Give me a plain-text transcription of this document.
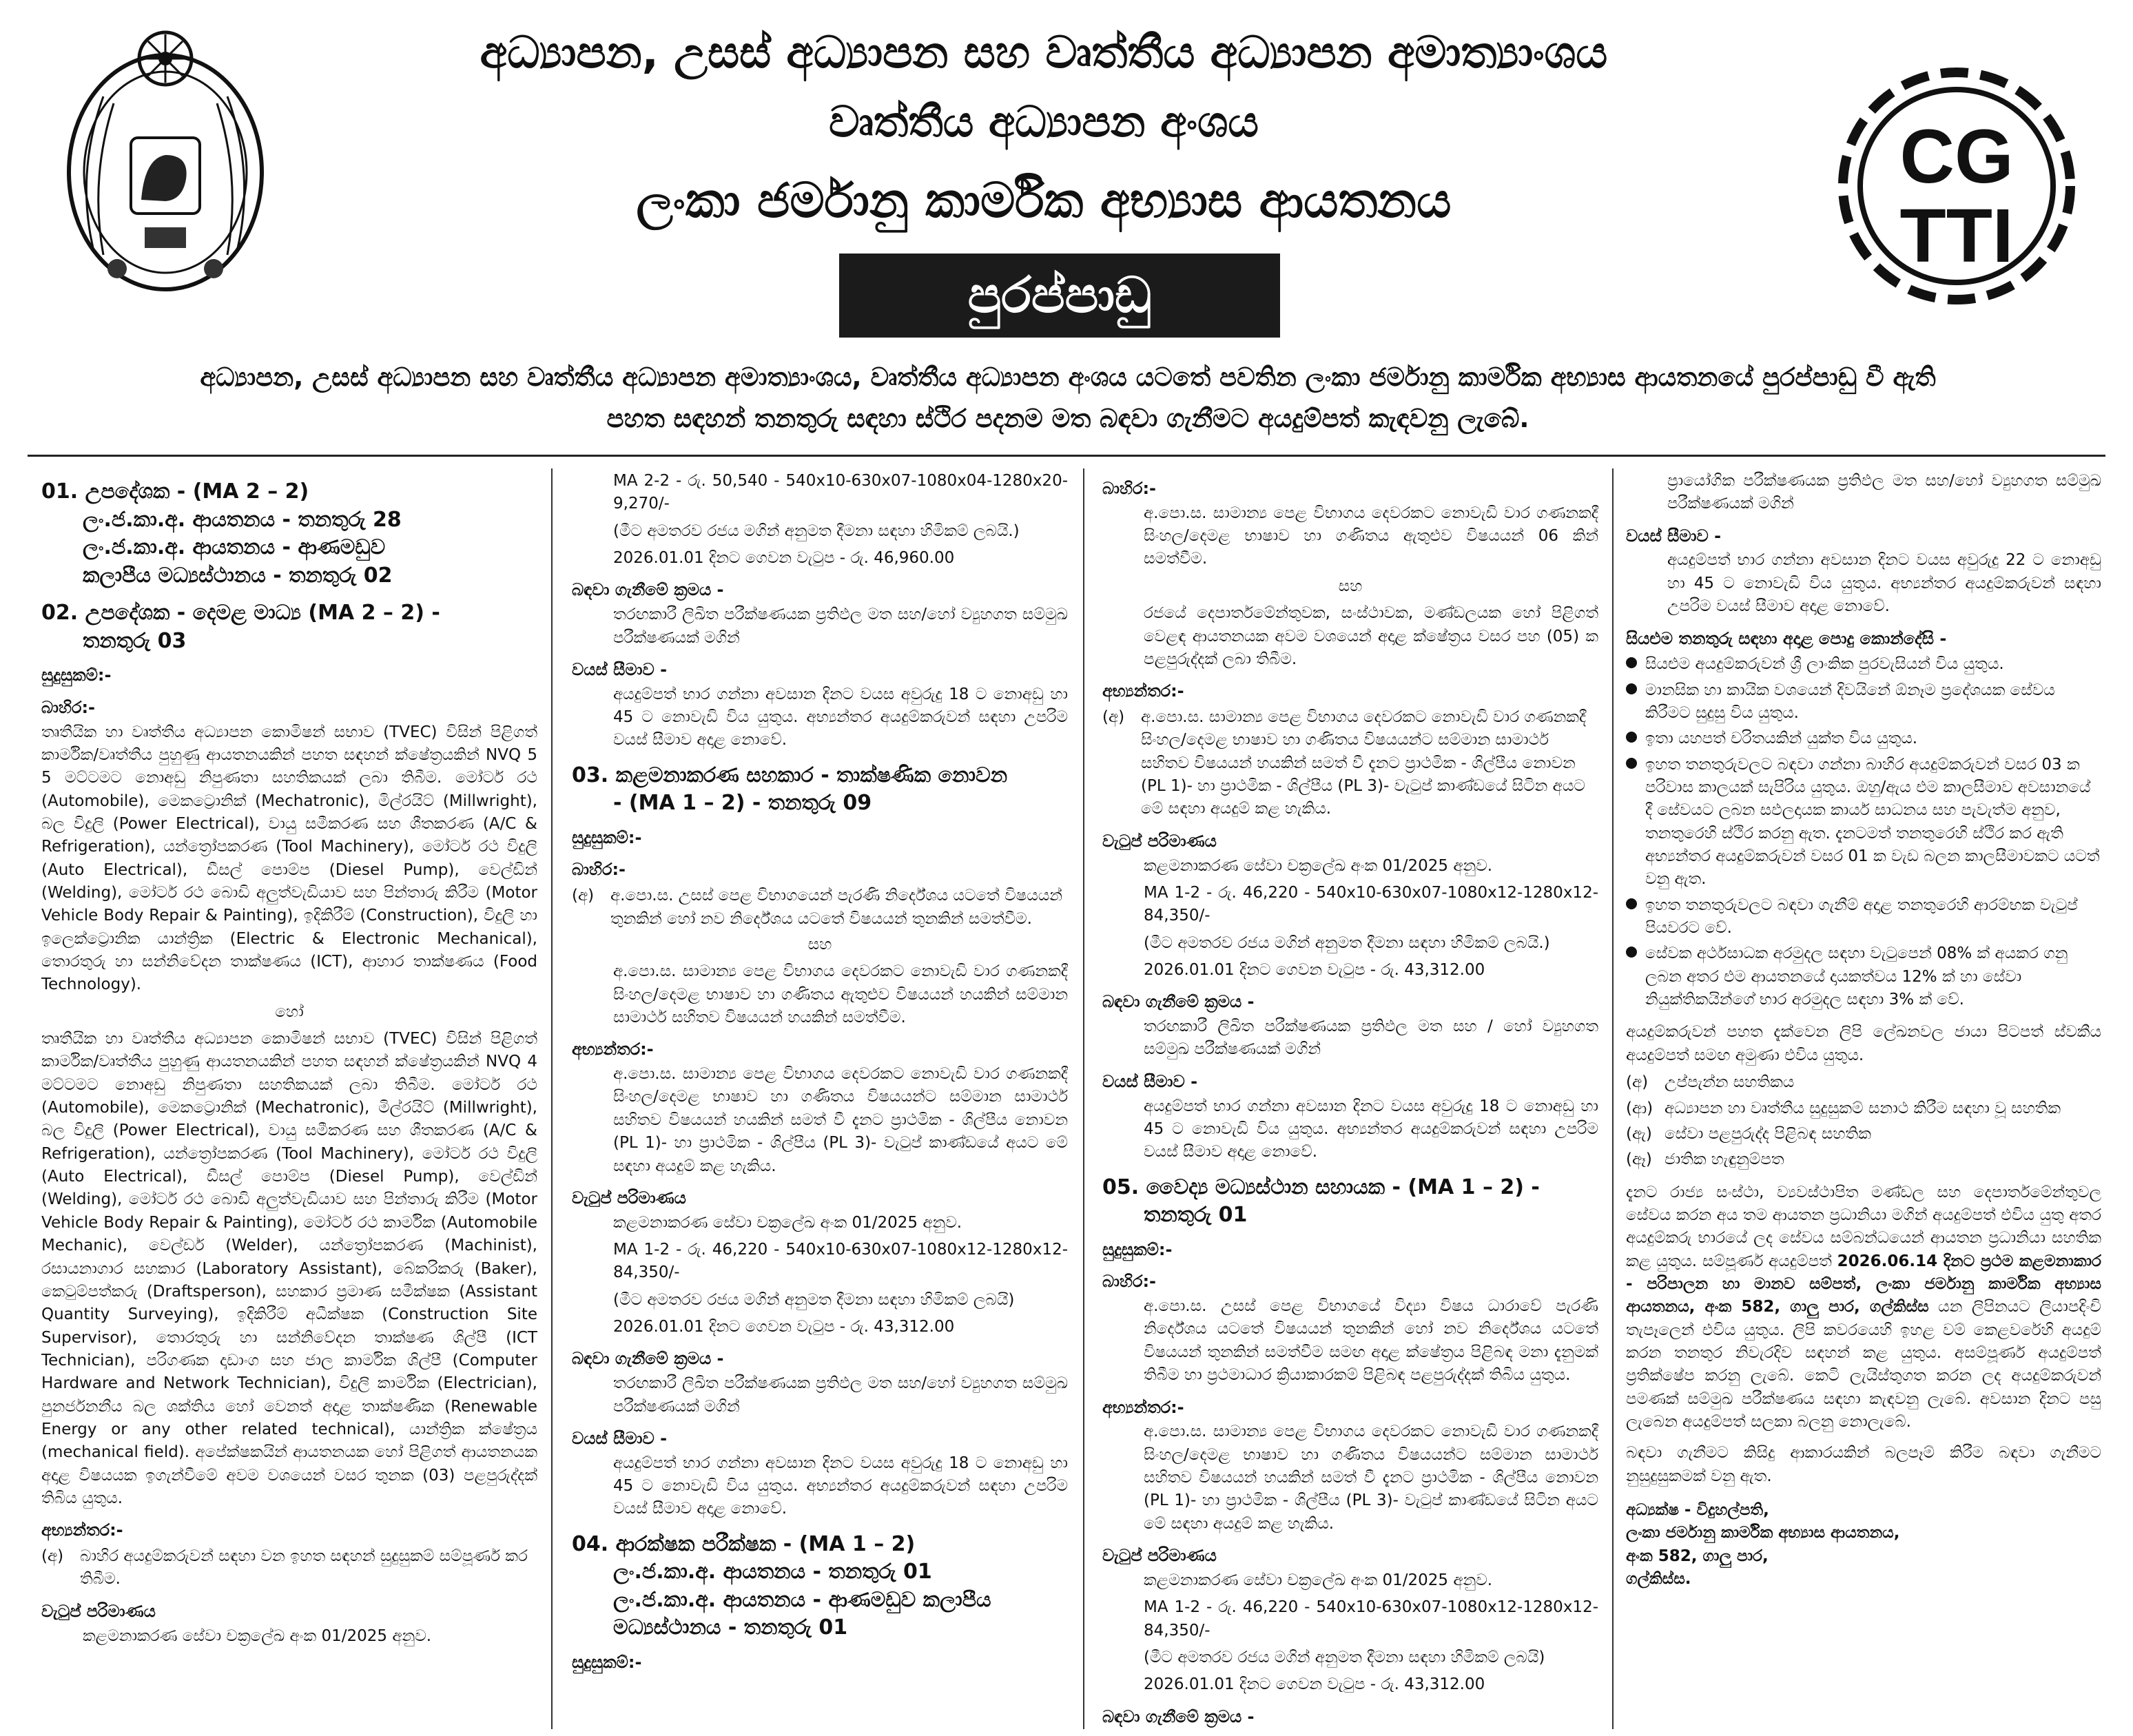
අධ්‍යාපන, උසස් අධ්‍යාපන සහ වෘත්තීය අධ්‍යාපන අමාත්‍යාංශය
වෘත්තීය අධ්‍යාපන අංශය
ලංකා ජර්මානු කාර්මික අභ්‍යාස ආයතනය
පුරප්පාඩු
CG
TTI
අධ්‍යාපන, උසස් අධ්‍යාපන සහ වෘත්තීය අධ්‍යාපන අමාත්‍යාංශය, වෘත්තීය අධ්‍යාපන අංශය යටතේ පවතින ලංකා ජර්මානු කාර්මික අභ්‍යාස ආයතනයේ පුරප්පාඩු වී ඇති
පහත සඳහන් තනතුරු සඳහා ස්ථිර පදනම මත බඳවා ගැනීමට අයදුම්පත් කැඳවනු ලැබේ.
01. උපදේශක - (MA 2 – 2)
ලං.ජ.කා.අ. ආයතනය - තනතුරු 28
ලං.ජ.කා.අ. ආයතනය - ආණමඩුව
කලාපීය මධ්‍යස්ථානය - තනතුරු 02
02. උපදේශක - දෙමළ මාධ්‍ය (MA 2 – 2) -
තනතුරු 03
සුදුසුකම්:-
බාහිර:-
තෘතීයික හා වෘත්තීය අධ්‍යාපන කොමිෂන් සභාව (TVEC) විසින් පිළිගත් කාර්මික/වෘත්තීය පුහුණු ආයතනයකින් පහත සඳහන් ක්ෂේත්‍රයකින් NVQ 5 5 මට්ටමට නොඅඩු නිපුණතා සහතිකයක් ලබා තිබීම. මෝටර් රථ (Automobile), මෙකට්‍රොනික් (Mechatronic), මිල්රයිට් (Millwright), බල විදුලි (Power Electrical), වායු සමීකරණ සහ ශීතකරණ (A/C & Refrigeration), යන්ත්‍රෝපකරණ (Tool Machinery), මෝටර් රථ විදුලි (Auto Electrical), ඩීසල් පොම්ප (Diesel Pump), වෙල්ඩින් (Welding), මෝටර් රථ බොඩි අලුත්වැඩියාව සහ පින්තාරු කිරීම (Motor Vehicle Body Repair & Painting), ඉදිකිරීම් (Construction), විදුලි හා ඉලෙක්ට්‍රොනික යාන්ත්‍රික (Electric & Electronic Mechanical), තොරතුරු හා සන්නිවේදන තාක්ෂණය (ICT), ආහාර තාක්ෂණය (Food Technology).
හෝ
තෘතීයික හා වෘත්තීය අධ්‍යාපන කොමිෂන් සභාව (TVEC) විසින් පිළිගත් කාර්මික/වෘත්තීය පුහුණු ආයතනයකින් පහත සඳහන් ක්ෂේත්‍රයකින් NVQ 4 මට්ටමට නොඅඩු නිපුණතා සහතිකයක් ලබා තිබීම. මෝටර් රථ (Automobile), මෙකට්‍රොනික් (Mechatronic), මිල්රයිට් (Millwright), බල විදුලි (Power Electrical), වායු සමීකරණ සහ ශීතකරණ (A/C & Refrigeration), යන්ත්‍රෝපකරණ (Tool Machinery), මෝටර් රථ විදුලි (Auto Electrical), ඩීසල් පොම්ප (Diesel Pump), වෙල්ඩින් (Welding), මෝටර් රථ බොඩි අලුත්වැඩියාව සහ පින්තාරු කිරීම (Motor Vehicle Body Repair & Painting), මෝටර් රථ කාර්මික (Automobile Mechanic), වෙල්ඩර් (Welder), යන්ත්‍රෝපකරණ (Machinist), රසායනාගාර සහකාර (Laboratory Assistant), බේකරිකරු (Baker), කෙටුම්පත්කරු (Draftsperson), සහකාර ප්‍රමාණ සමීක්ෂක (Assistant Quantity Surveying), ඉදිකිරීම් අධීක්ෂක (Construction Site Supervisor), තොරතුරු හා සන්නිවේදන තාක්ෂණ ශිල්පී (ICT Technician), පරිගණක දෘඩාංග සහ ජාල කාර්මික ශිල්පී (Computer Hardware and Network Technician), විදුලි කාර්මික (Electrician), පුනර්ජනනීය බල ශක්තිය හෝ වෙනත් අදාළ තාක්ෂණික (Renewable Energy or any other related technical), යාන්ත්‍රික ක්ෂේත්‍රය (mechanical field). අපේක්ෂකයින් ආයතනයක හෝ පිළිගත් ආයතනයක අදාළ විෂයයක ඉගැන්වීමේ අවම වශයෙන් වසර තුනක (03) පළපුරුද්දක් තිබිය යුතුය.
අභ්‍යන්තර:-
(අ)	බාහිර අයදුම්කරුවන් සඳහා වන ඉහත සඳහන් සුදුසුකම් සම්පූර්ණ කර තිබීම.
වැටුප් පරිමාණය
කළමනාකරණ සේවා චක්‍රලේඛ අංක 01/2025 අනුව.
MA 2-2 - රු. 50,540 - 540x10-630x07-1080x04-1280x20-9,270/-
(මීට අමතරව රජය මගින් අනුමත දීමනා සඳහා හිමිකම් ලබයි.)
2026.01.01 දිනට ගෙවන වැටුප - රු. 46,960.00
බඳවා ගැනීමේ ක්‍රමය -
තරඟකාරී ලිඛිත පරීක්ෂණයක ප්‍රතිඵල මත සහ/හෝ ව්‍යුහගත සම්මුඛ පරීක්ෂණයක් මගින්
වයස් සීමාව -
අයදුම්පත් භාර ගන්නා අවසාන දිනට වයස අවුරුදු 18 ට නොඅඩු හා 45 ට නොවැඩි විය යුතුය. අභ්‍යන්තර අයදුම්කරුවන් සඳහා උපරිම වයස් සීමාව අදාළ නොවේ.
03. කළමනාකරණ සහකාර - තාක්ෂණික නොවන
- (MA 1 – 2) - තනතුරු 09
සුදුසුකම්:-
බාහිර:-
(අ)	අ.පො.ස. උසස් පෙළ විභාගයෙන් පැරණි නිර්දේශය යටතේ විෂයයන් තුනකින් හෝ නව නිර්දේශය යටතේ විෂයයන් තුනකින් සමත්වීම.
සහ
අ.පො.ස. සාමාන්‍ය පෙළ විභාගය දෙවරකට නොවැඩි වාර ගණනකදී සිංහල/දෙමළ භාෂාව හා ගණිතය ඇතුළුව විෂයයන් හයකින් සම්මාන සාමාර්ථ සහිතව විෂයයන් හයකින් සමත්වීම.
අභ්‍යන්තර:-
අ.පො.ස. සාමාන්‍ය පෙළ විභාගය දෙවරකට නොවැඩි වාර ගණනකදී සිංහල/දෙමළ භාෂාව හා ගණිතය විෂයයන්ට සම්මාන සාමාර්ථ සහිතව විෂයයන් හයකින් සමත් වී දැනට ප්‍රාථමික - ශිල්පීය නොවන (PL 1)- හා ප්‍රාථමික - ශිල්පීය (PL 3)- වැටුප් කාණ්ඩයේ අයට මේ සඳහා අයදුම් කළ හැකිය.
වැටුප් පරිමාණය
කළමනාකරණ සේවා චක්‍රලේඛ අංක 01/2025 අනුව.
MA 1-2 - රු. 46,220 - 540x10-630x07-1080x12-1280x12-84,350/-
(මීට අමතරව රජය මගින් අනුමත දීමනා සඳහා හිමිකම් ලබයි)
2026.01.01 දිනට ගෙවන වැටුප - රු. 43,312.00
බඳවා ගැනීමේ ක්‍රමය -
තරඟකාරී ලිඛිත පරීක්ෂණයක ප්‍රතිඵල මත සහ/හෝ ව්‍යුහගත සම්මුඛ පරීක්ෂණයක් මගින්
වයස් සීමාව -
අයදුම්පත් භාර ගන්නා අවසාන දිනට වයස අවුරුදු 18 ට නොඅඩු හා 45 ට නොවැඩි විය යුතුය. අභ්‍යන්තර අයදුම්කරුවන් සඳහා උපරිම වයස් සීමාව අදාළ නොවේ.
04. ආරක්ෂක පරීක්ෂක - (MA 1 – 2)
ලං.ජ.කා.අ. ආයතනය - තනතුරු 01
ලං.ජ.කා.අ. ආයතනය - ආණමඩුව කලාපීය
මධ්‍යස්ථානය - තනතුරු 01
සුදුසුකම්:-
බාහිර:-
අ.පො.ස. සාමාන්‍ය පෙළ විභාගය දෙවරකට නොවැඩි වාර ගණනකදී සිංහල/දෙමළ භාෂාව හා ගණිතය ඇතුළුව විෂයයන් 06 කින් සමත්වීම.
සහ
රජයේ දෙපාර්තමේන්තුවක, සංස්ථාවක, මණ්ඩලයක හෝ පිළිගත් වෙළඳ ආයතනයක අවම වශයෙන් අදාළ ක්ෂේත්‍රය වසර පහ (05) ක පළපුරුද්දක් ලබා තිබීම.
අභ්‍යන්තර:-
(අ)	අ.පො.ස. සාමාන්‍ය පෙළ විභාගය දෙවරකට නොවැඩි වාර ගණනකදී සිංහල/දෙමළ භාෂාව හා ගණිතය විෂයයන්ට සම්මාන සාමාර්ථ සහිතව විෂයයන් හයකින් සමත් වී දැනට ප්‍රාථමික - ශිල්පීය නොවන (PL 1)- හා ප්‍රාථමික - ශිල්පීය (PL 3)- වැටුප් කාණ්ඩයේ සිටින අයට මේ සඳහා අයදුම් කළ හැකිය.
වැටුප් පරිමාණය
කළමනාකරණ සේවා චක්‍රලේඛ අංක 01/2025 අනුව.
MA 1-2 - රු. 46,220 - 540x10-630x07-1080x12-1280x12-84,350/-
(මීට අමතරව රජය මගින් අනුමත දීමනා සඳහා හිමිකම් ලබයි.)
2026.01.01 දිනට ගෙවන වැටුප - රු. 43,312.00
බඳවා ගැනීමේ ක්‍රමය -
තරඟකාරී ලිඛිත පරීක්ෂණයක ප්‍රතිඵල මත සහ / හෝ ව්‍යුහගත සම්මුඛ පරීක්ෂණයක් මගින්
වයස් සීමාව -
අයදුම්පත් භාර ගන්නා අවසාන දිනට වයස අවුරුදු 18 ට නොඅඩු හා 45 ට නොවැඩි විය යුතුය. අභ්‍යන්තර අයදුම්කරුවන් සඳහා උපරිම වයස් සීමාව අදාළ නොවේ.
05. වෛද්‍ය මධ්‍යස්ථාන සහායක - (MA 1 – 2) -
තනතුරු 01
සුදුසුකම්:-
බාහිර:-
අ.පො.ස. උසස් පෙළ විභාගයේ විද්‍යා විෂය ධාරාවේ පැරණි නිර්දේශය යටතේ විෂයයන් තුනකින් හෝ නව නිර්දේශය යටතේ විෂයයන් තුනකින් සමත්වීම සමඟ අදාළ ක්ෂේත්‍රය පිළිබඳ මනා දැනුමක් තිබීම හා ප්‍රථමාධාර ක්‍රියාකාරකම් පිළිබඳ පළපුරුද්දක් තිබිය යුතුය.
අභ්‍යන්තර:-
අ.පො.ස. සාමාන්‍ය පෙළ විභාගය දෙවරකට නොවැඩි වාර ගණනකදී සිංහල/දෙමළ භාෂාව හා ගණිතය විෂයයන්ට සම්මාන සාමාර්ථ සහිතව විෂයයන් හයකින් සමත් වී දැනට ප්‍රාථමික - ශිල්පීය නොවන (PL 1)- හා ප්‍රාථමික - ශිල්පීය (PL 3)- වැටුප් කාණ්ඩයේ සිටින අයට මේ සඳහා අයදුම් කළ හැකිය.
වැටුප් පරිමාණය
කළමනාකරණ සේවා චක්‍රලේඛ අංක 01/2025 අනුව.
MA 1-2 - රු. 46,220 - 540x10-630x07-1080x12-1280x12-84,350/-
(මීට අමතරව රජය මගින් අනුමත දීමනා සඳහා හිමිකම් ලබයි)
2026.01.01 දිනට ගෙවන වැටුප - රු. 43,312.00
බඳවා ගැනීමේ ක්‍රමය -
ප්‍රායෝගික පරීක්ෂණයක ප්‍රතිඵල මත සහ/හෝ ව්‍යුහගත සම්මුඛ පරීක්ෂණයක් මගින්
වයස් සීමාව -
අයදුම්පත් භාර ගන්නා අවසාන දිනට වයස අවුරුදු 22 ට නොඅඩු හා 45 ට නොවැඩි විය යුතුය. අභ්‍යන්තර අයදුම්කරුවන් සඳහා උපරිම වයස් සීමාව අදාළ නොවේ.
සියළුම තනතුරු සඳහා අදාළ පොදු කොන්දේසි -
සියළුම අයදුම්කරුවන් ශ්‍රී ලාංකික පුරවැසියන් විය යුතුය.
මානසික හා කායික වශයෙන් දිවයිනේ ඕනෑම ප්‍රදේශයක සේවය කිරීමට සුදුසු විය යුතුය.
ඉතා යහපත් චරිතයකින් යුක්ත විය යුතුය.
ඉහත තනතුරුවලට බඳවා ගන්නා බාහිර අයදුම්කරුවන් වසර 03 ක පරිවාස කාලයක් සැපිරිය යුතුය. ඔහු/ඇය එම කාලසීමාව අවසානයේ දී සේවයට ලබන සඵලදායක කාර්ය සාධනය සහ පැවැත්ම අනුව, තනතුරෙහි ස්ථිර කරනු ඇත. දැනටමත් තනතුරෙහි ස්ථිර කර ඇති අභ්‍යන්තර අයදුම්කරුවන් වසර 01 ක වැඩ බලන කාලසීමාවකට යටත් වනු ඇත.
ඉහත තනතුරුවලට බඳවා ගැනීම් අදාළ තනතුරෙහි ආරම්භක වැටුප් පියවරට වේ.
සේවක අර්ථසාධක අරමුදල සඳහා වැටුපෙන් 08% ක් අයකර ගනු ලබන අතර එම ආයතනයේ දායකත්වය 12% ක් හා සේවා නියුක්තිකයින්ගේ භාර අරමුදල සඳහා 3% ක් වේ.
අයදුම්කරුවන් පහත දැක්වෙන ලිපි ලේඛනවල ජායා පිටපත් ස්වකීය අයදුම්පත් සමඟ අමුණා එවිය යුතුය.
(අ)	උප්පැන්න සහතිකය
(ආ) අධ්‍යාපන හා වෘත්තීය සුදුසුකම් සනාථ කිරීම සඳහා වූ සහතික
(ඇ) සේවා පළපුරුද්ද පිළිබඳ සහතික
(ඈ) ජාතික හැඳුනුම්පත
දැනට රාජ්‍ය සංස්ථා, ව්‍යවස්ථාපිත මණ්ඩල සහ දෙපාර්තමේන්තුවල සේවය කරන අය තම ආයතන ප්‍රධානියා මගින් අයදුම්පත් එවිය යුතු අතර අයදුම්කරු භාරයේ ලද සේවය සම්බන්ධයෙන් ආයතන ප්‍රධානියා සහතික කළ යුතුය. සම්පූර්ණ අයදුම්පත් 2026.06.14 දිනට ප්‍රථම කළමනාකාර - පරිපාලන හා මානව සම්පත්, ලංකා ජර්මානු කාර්මික අභ්‍යාස ආයතනය, අංක 582, ගාලු පාර, ගල්කිස්ස යන ලිපිනයට ලියාපදිංචි තැපෑලෙන් එවිය යුතුය. ලිපි කවරයෙහි ඉහළ වම් කෙළවරේහි අයදුම් කරන තනතුර නිවැරදිව සඳහන් කළ යුතුය. අසම්පූර්ණ අයදුම්පත් ප්‍රතික්ෂේප කරනු ලැබේ. කෙටි ලැයිස්තුගත කරන ලද අයදුම්කරුවන් පමණක් සම්මුඛ පරීක්ෂණය සඳහා කැඳවනු ලැබේ. අවසාන දිනට පසු ලැබෙන අයදුම්පත් සලකා බලනු නොලැබේ.
බඳවා ගැනීමට කිසිදු ආකාරයකින් බලපෑම් කිරීම බඳවා ගැනීමට නුසුදුසුකමක් වනු ඇත.
අධ්‍යක්ෂ - විදුහල්පති,
ලංකා ජර්මානු කාර්මික අභ්‍යාස ආයතනය,
අංක 582, ගාලු පාර,
ගල්කිස්ස.
